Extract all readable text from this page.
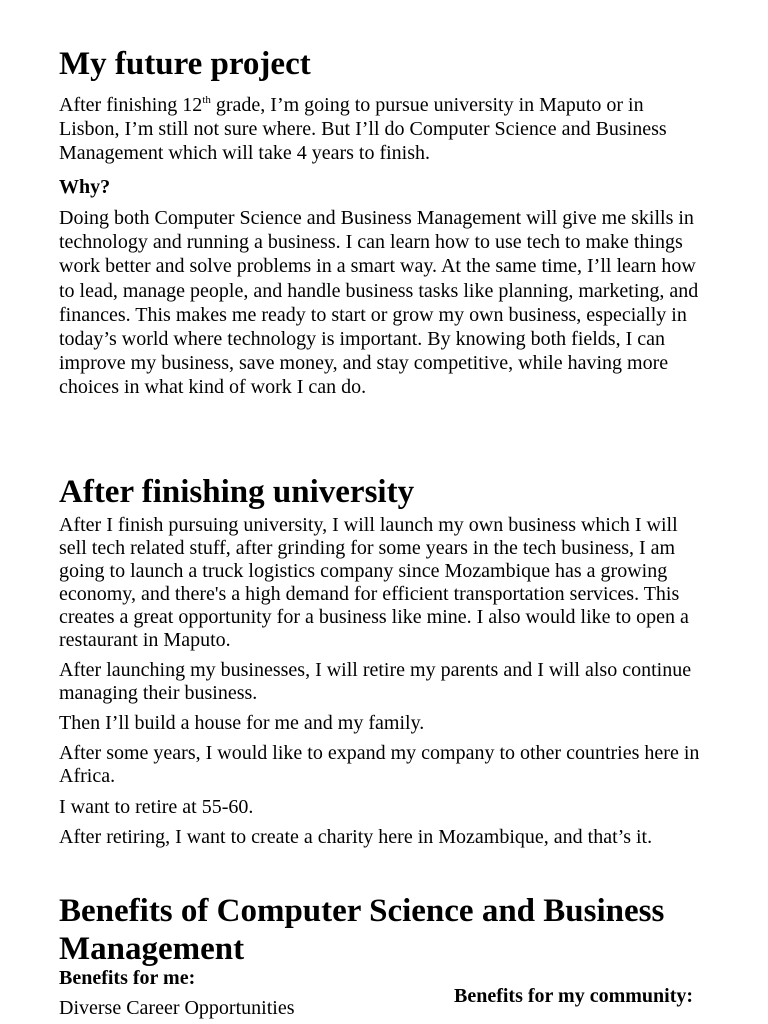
My future project

After finishing 12th grade, I’m going to pursue university in Maputo or in Lisbon, I’m still not sure where. But I’ll do Computer Science and Business Management which will take 4 years to finish.

Why?

Doing both Computer Science and Business Management will give me skills in technology and running a business. I can learn how to use tech to make things work better and solve problems in a smart way. At the same time, I’ll learn how to lead, manage people, and handle business tasks like planning, marketing, and finances. This makes me ready to start or grow my own business, especially in today’s world where technology is important. By knowing both fields, I can improve my business, save money, and stay competitive, while having more choices in what kind of work I can do.

After finishing university

After I finish pursuing university, I will launch my own business which I will sell tech related stuff, after grinding for some years in the tech business, I am going to launch a truck logistics company since Mozambique has a growing economy, and there's a high demand for efficient transportation services. This creates a great opportunity for a business like mine. I also would like to open a restaurant in Maputo.

After launching my businesses, I will retire my parents and I will also continue managing their business.

Then I’ll build a house for me and my family.

After some years, I would like to expand my company to other countries here in Africa.

I want to retire at 55-60.

After retiring, I want to create a charity here in Mozambique, and that’s it.

Benefits of Computer Science and Business Management

Benefits for me:

Diverse Career Opportunities

Benefits for my community:
